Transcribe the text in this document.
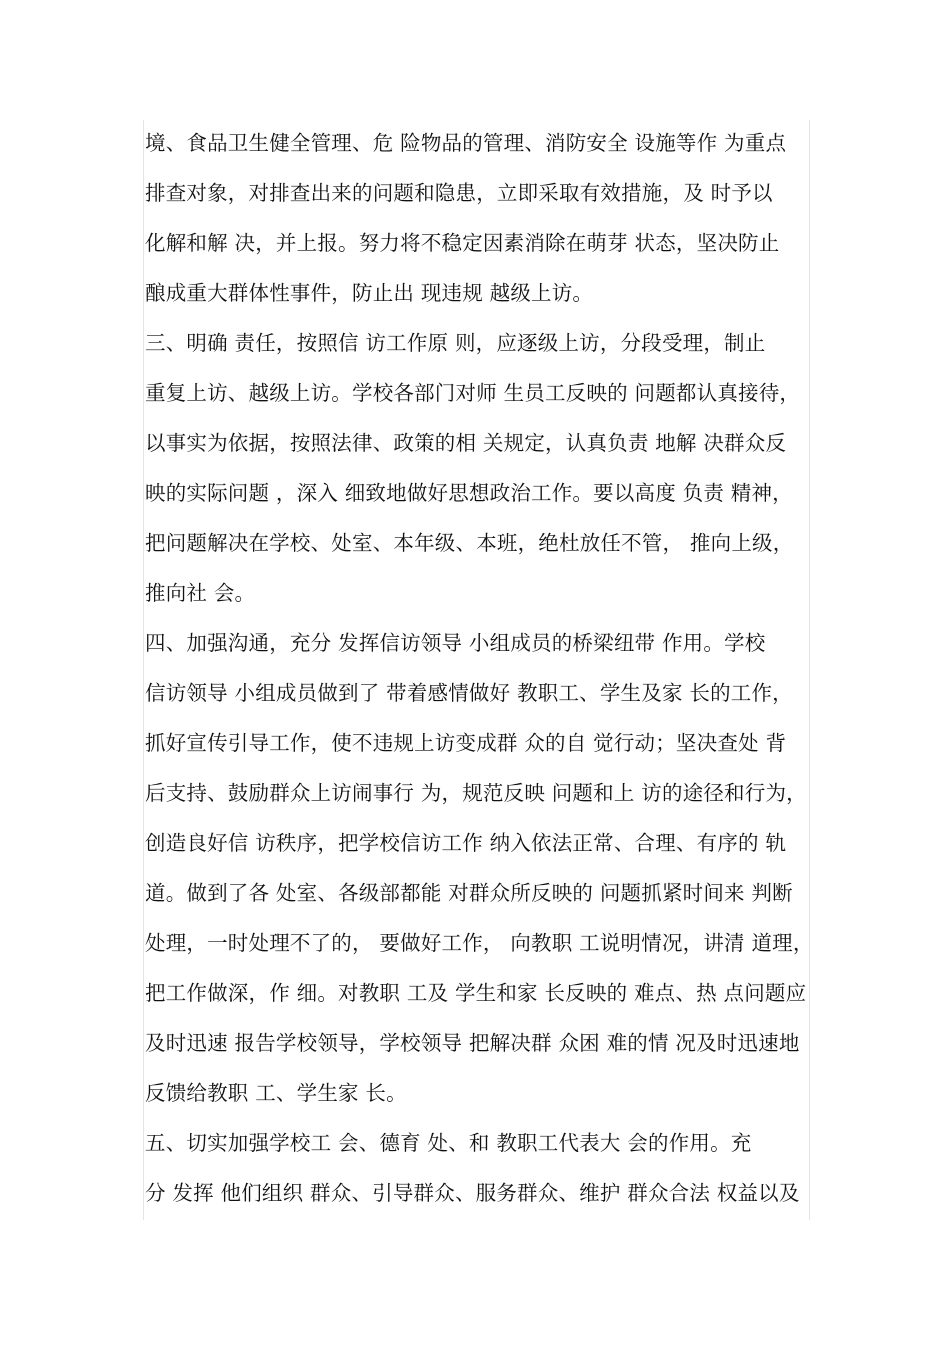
境、食品卫生健全管理、危 险物品的管理、消防安全 设施等作 为重点
排查对象，对排查出来的问题和隐患，立即采取有效措施，及 时予以
化解和解 决，并上报。努力将不稳定因素消除在萌芽 状态，坚决防止
酿成重大群体性事件，防止出 现违规 越级上访。
三、明确 责任，按照信 访工作原 则，应逐级上访，分段受理，制止
重复上访、越级上访。学校各部门对师 生员工反映的 问题都认真接待，
以事实为依据，按照法律、政策的相 关规定，认真负责 地解 决群众反
映的实际问题 ，深入 细致地做好思想政治工作。要以高度 负责 精神，
把问题解决在学校、处室、本年级、本班，绝杜放任不管， 推向上级，
推向社 会。
四、加强沟通，充分 发挥信访领导 小组成员的桥梁纽带 作用。学校
信访领导 小组成员做到了 带着感情做好 教职工、学生及家 长的工作，
抓好宣传引导工作，使不违规上访变成群 众的自 觉行动；坚决查处 背
后支持、鼓励群众上访闹事行 为，规范反映 问题和上 访的途径和行为，
创造良好信 访秩序，把学校信访工作 纳入依法正常、合理、有序的 轨
道。做到了各 处室、各级部都能 对群众所反映的 问题抓紧时间来 判断
处理，一时处理不了的， 要做好工作， 向教职 工说明情况，讲清 道理，
把工作做深，作 细。对教职 工及 学生和家 长反映的 难点、热 点问题应
及时迅速 报告学校领导，学校领导 把解决群 众困 难的情 况及时迅速地
反馈给教职 工、学生家 长。
五、切实加强学校工 会、德育 处、和 教职工代表大 会的作用。充
分 发挥 他们组织 群众、引导群众、服务群众、维护 群众合法 权益以及
